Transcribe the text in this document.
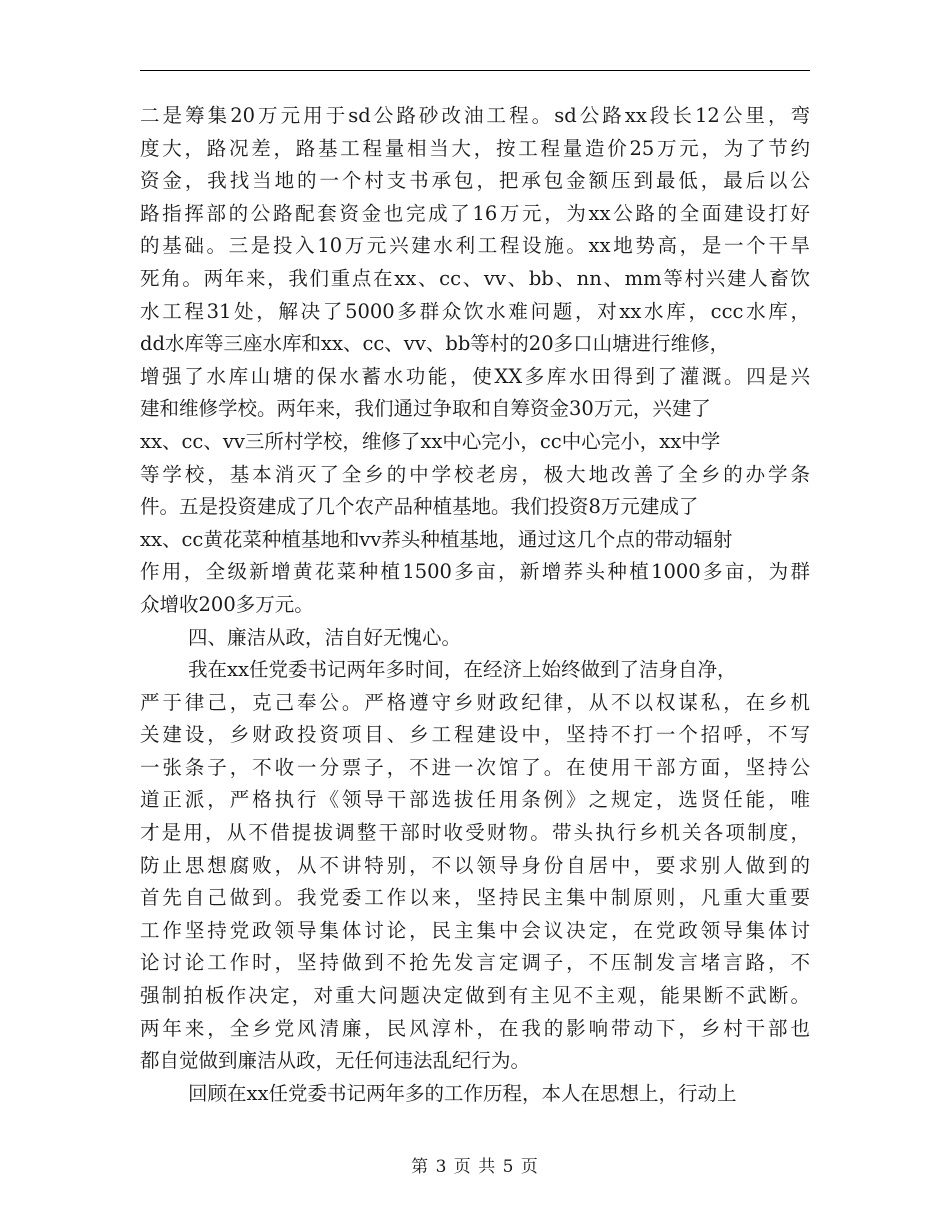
二是筹集20万元用于sd公路砂改油工程。sd公路xx段长12公里，弯
度大，路况差，路基工程量相当大，按工程量造价25万元，为了节约
资金，我找当地的一个村支书承包，把承包金额压到最低，最后以公
路指挥部的公路配套资金也完成了16万元，为xx公路的全面建设打好
的基础。三是投入10万元兴建水利工程设施。xx地势高，是一个干旱
死角。两年来，我们重点在xx、cc、vv、bb、nn、mm等村兴建人畜饮
水工程31处，解决了5000多群众饮水难问题，对xx水库，ccc水库，
dd水库等三座水库和xx、cc、vv、bb等村的20多口山塘进行维修，
增强了水库山塘的保水蓄水功能，使XX多库水田得到了灌溉。四是兴
建和维修学校。两年来，我们通过争取和自筹资金30万元，兴建了
xx、cc、vv三所村学校，维修了xx中心完小，cc中心完小，xx中学
等学校，基本消灭了全乡的中学校老房，极大地改善了全乡的办学条
件。五是投资建成了几个农产品种植基地。我们投资8万元建成了
xx、cc黄花菜种植基地和vv荞头种植基地，通过这几个点的带动辐射
作用，全级新增黄花菜种植1500多亩，新增荞头种植1000多亩，为群
众增收200多万元。
四、廉洁从政，洁自好无愧心。
我在xx任党委书记两年多时间，在经济上始终做到了洁身自净，
严于律己，克己奉公。严格遵守乡财政纪律，从不以权谋私，在乡机
关建设，乡财政投资项目、乡工程建设中，坚持不打一个招呼，不写
一张条子，不收一分票子，不进一次馆了。在使用干部方面，坚持公
道正派，严格执行《领导干部选拔任用条例》之规定，选贤任能，唯
才是用，从不借提拔调整干部时收受财物。带头执行乡机关各项制度，
防止思想腐败，从不讲特别，不以领导身份自居中，要求别人做到的
首先自己做到。我党委工作以来，坚持民主集中制原则，凡重大重要
工作坚持党政领导集体讨论，民主集中会议决定，在党政领导集体讨
论讨论工作时，坚持做到不抢先发言定调子，不压制发言堵言路，不
强制拍板作决定，对重大问题决定做到有主见不主观，能果断不武断。
两年来，全乡党风清廉，民风淳朴，在我的影响带动下，乡村干部也
都自觉做到廉洁从政，无任何违法乱纪行为。
回顾在xx任党委书记两年多的工作历程，本人在思想上，行动上
第 3 页 共 5 页
